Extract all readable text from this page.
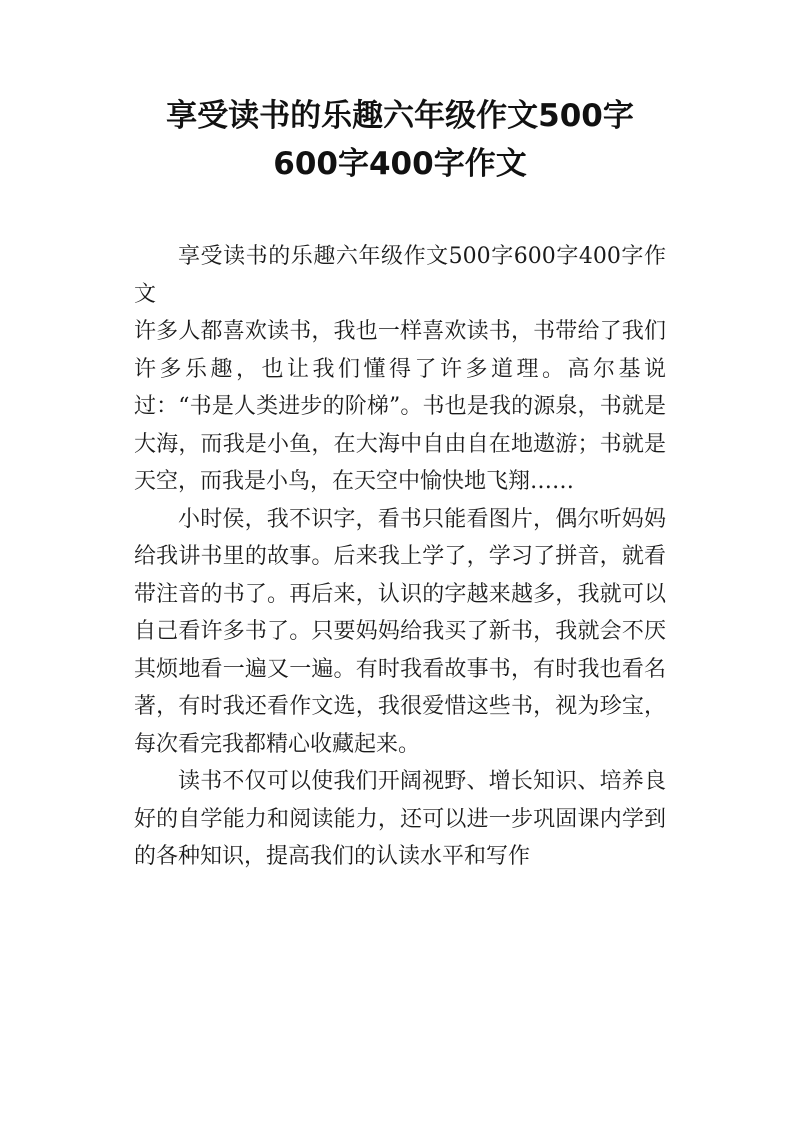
享受读书的乐趣六年级作文500字
600字400字作文

享受读书的乐趣六年级作文500字600字400字作文

许多人都喜欢读书，我也一样喜欢读书，书带给了我们许多乐趣，也让我们懂得了许多道理。高尔基说过：“书是人类进步的阶梯”。书也是我的源泉，书就是大海，而我是小鱼，在大海中自由自在地遨游；书就是天空，而我是小鸟，在天空中愉快地飞翔……

小时侯，我不识字，看书只能看图片，偶尔听妈妈给我讲书里的故事。后来我上学了，学习了拼音，就看带注音的书了。再后来，认识的字越来越多，我就可以自己看许多书了。只要妈妈给我买了新书，我就会不厌其烦地看一遍又一遍。有时我看故事书，有时我也看名著，有时我还看作文选，我很爱惜这些书，视为珍宝，每次看完我都精心收藏起来。

读书不仅可以使我们开阔视野、增长知识、培养良好的自学能力和阅读能力，还可以进一步巩固课内学到的各种知识，提高我们的认读水平和写作
